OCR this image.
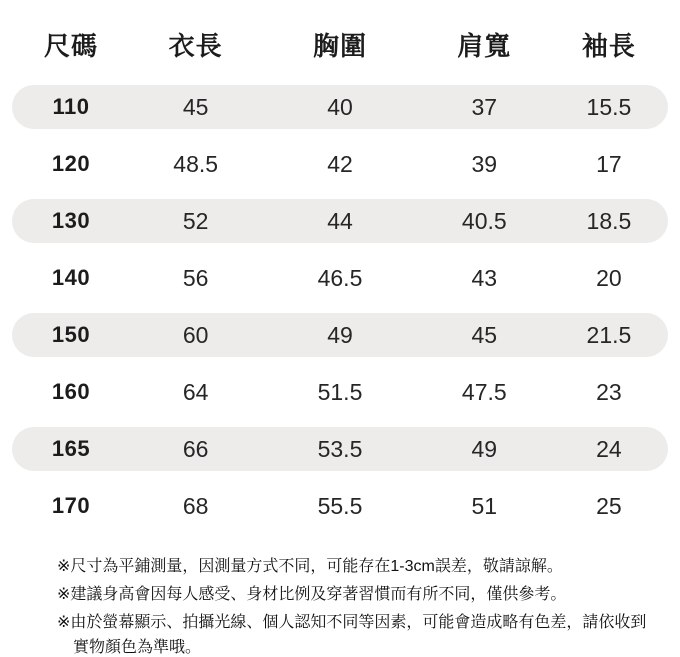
尺碼	衣長	胸圍	肩寬	袖長
110	45	40	37	15.5
120	48.5	42	39	17
130	52	44	40.5	18.5
140	56	46.5	43	20
150	60	49	45	21.5
160	64	51.5	47.5	23
165	66	53.5	49	24
170	68	55.5	51	25

※尺寸為平鋪測量，因測量方式不同，可能存在1-3cm誤差，敬請諒解。

※建議身高會因每人感受、身材比例及穿著習慣而有所不同，僅供參考。

※由於螢幕顯示、拍攝光線、個人認知不同等因素，可能會造成略有色差，請依收到實物顏色為準哦。
